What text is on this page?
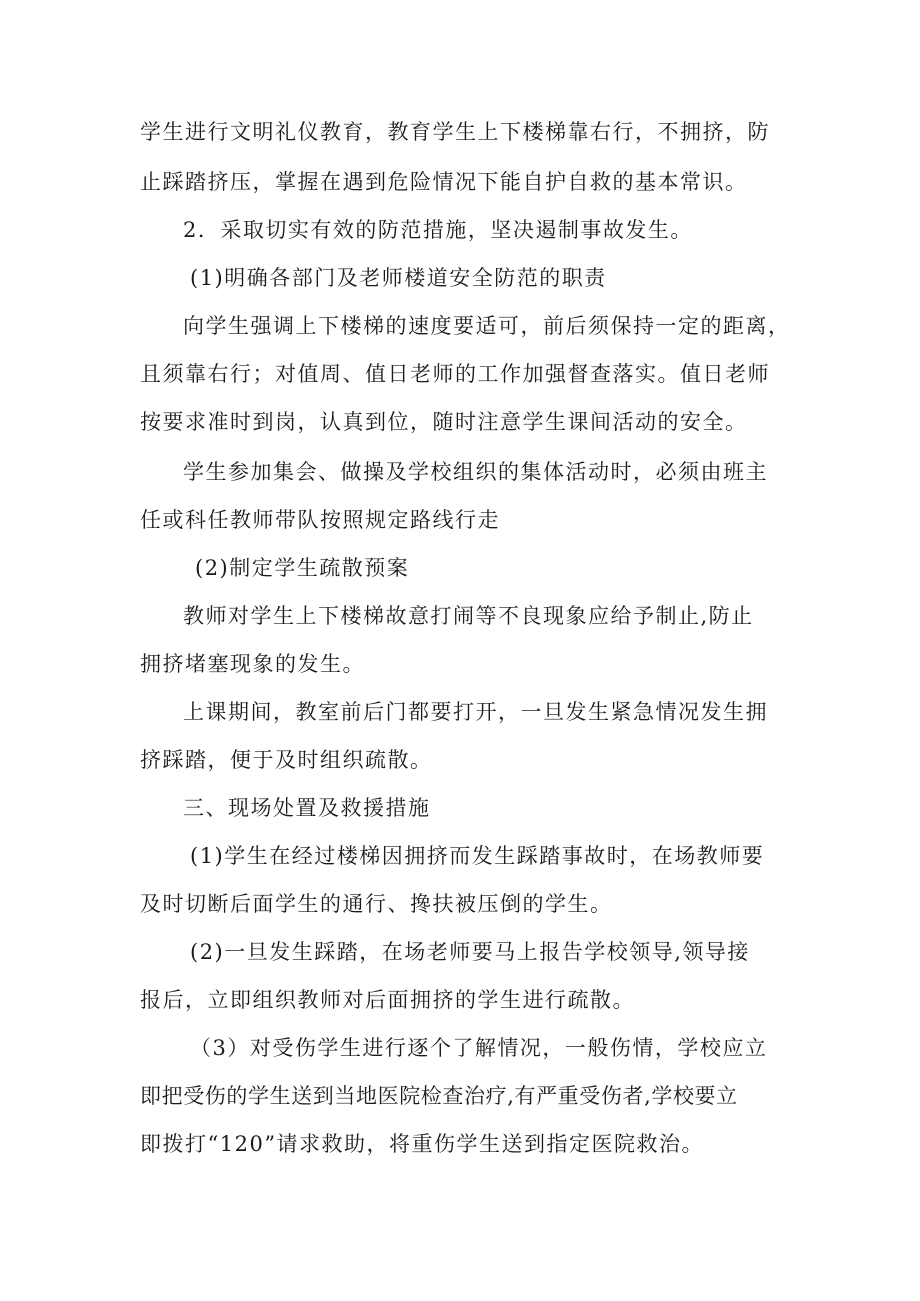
学生进行文明礼仪教育，教育学生上下楼梯靠右行，不拥挤，防
止踩踏挤压，掌握在遇到危险情况下能自护自救的基本常识。
2．采取切实有效的防范措施，坚决遏制事故发生。
(1)明确各部门及老师楼道安全防范的职责
向学生强调上下楼梯的速度要适可，前后须保持一定的距离，
且须靠右行；对值周、值日老师的工作加强督查落实。值日老师
按要求准时到岗，认真到位，随时注意学生课间活动的安全。
学生参加集会、做操及学校组织的集体活动时，必须由班主
任或科任教师带队按照规定路线行走
(2)制定学生疏散预案
教师对学生上下楼梯故意打闹等不良现象应给予制止,防止
拥挤堵塞现象的发生。
上课期间，教室前后门都要打开，一旦发生紧急情况发生拥
挤踩踏，便于及时组织疏散。
三、现场处置及救援措施
(1)学生在经过楼梯因拥挤而发生踩踏事故时，在场教师要
及时切断后面学生的通行、搀扶被压倒的学生。
(2)一旦发生踩踏，在场老师要马上报告学校领导,领导接
报后，立即组织教师对后面拥挤的学生进行疏散。
（3）对受伤学生进行逐个了解情况，一般伤情，学校应立
即把受伤的学生送到当地医院检查治疗,有严重受伤者,学校要立
即拨打“120”请求救助，将重伤学生送到指定医院救治。
